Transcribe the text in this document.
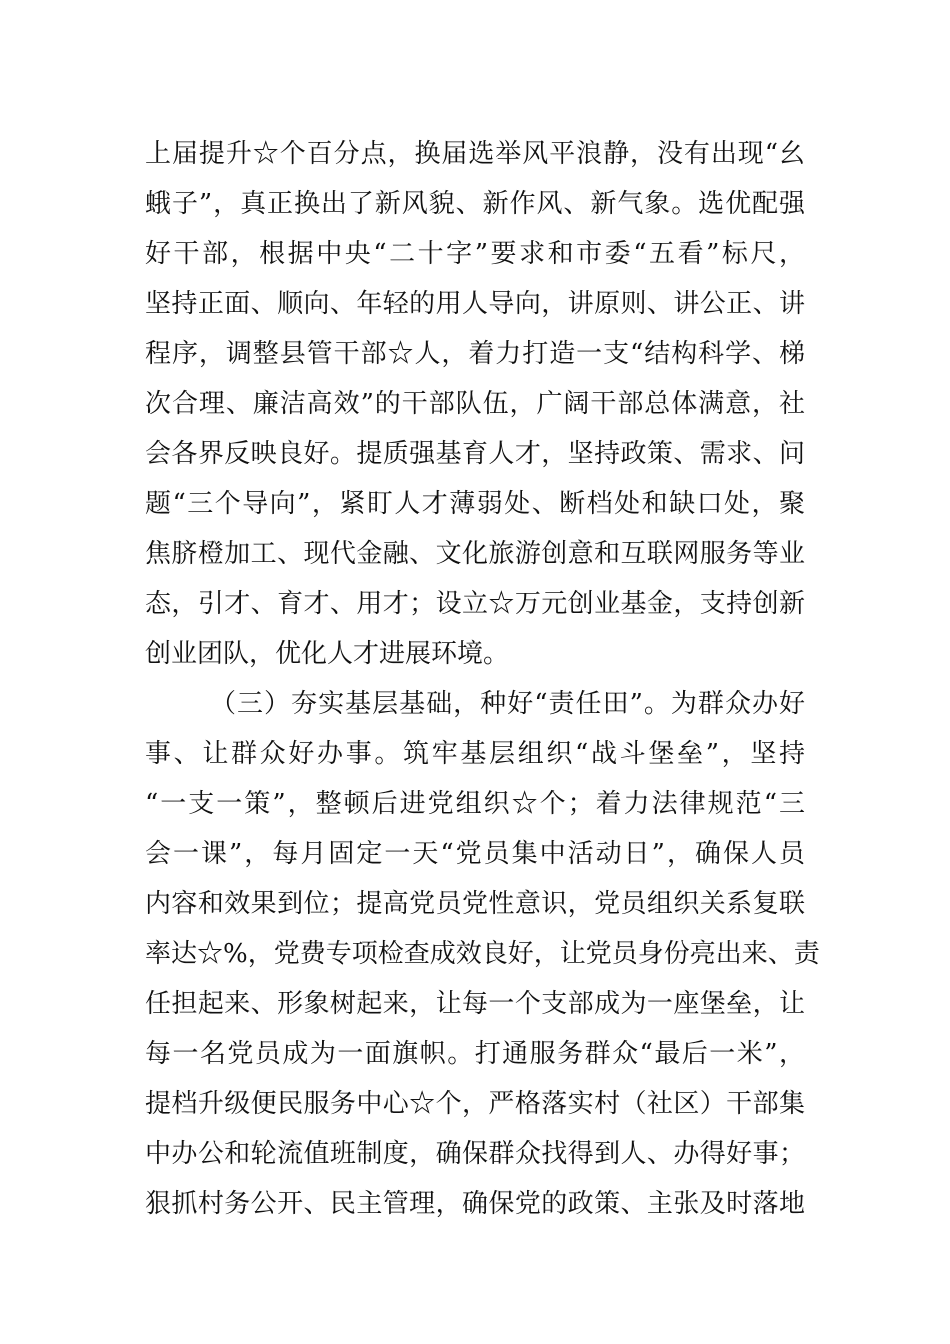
上届提升☆个百分点，换届选举风平浪静，没有出现“幺
蛾子”，真正换出了新风貌、新作风、新气象。选优配强
好干部，根据中央“二十字”要求和市委“五看”标尺，
坚持正面、顺向、年轻的用人导向，讲原则、讲公正、讲
程序，调整县管干部☆人，着力打造一支“结构科学、梯
次合理、廉洁高效”的干部队伍，广阔干部总体满意，社
会各界反映良好。提质强基育人才，坚持政策、需求、问
题“三个导向”，紧盯人才薄弱处、断档处和缺口处，聚
焦脐橙加工、现代金融、文化旅游创意和互联网服务等业
态，引才、育才、用才；设立☆万元创业基金，支持创新
创业团队，优化人才进展环境。
（三）夯实基层基础，种好“责任田”。为群众办好
事、让群众好办事。筑牢基层组织“战斗堡垒”，坚持
“一支一策”，整顿后进党组织☆个；着力法律规范“三
会一课”，每月固定一天“党员集中活动日”，确保人员
内容和效果到位；提高党员党性意识，党员组织关系复联
率达☆%，党费专项检查成效良好，让党员身份亮出来、责
任担起来、形象树起来，让每一个支部成为一座堡垒，让
每一名党员成为一面旗帜。打通服务群众“最后一米”，
提档升级便民服务中心☆个，严格落实村（社区）干部集
中办公和轮流值班制度，确保群众找得到人、办得好事；
狠抓村务公开、民主管理，确保党的政策、主张及时落地
